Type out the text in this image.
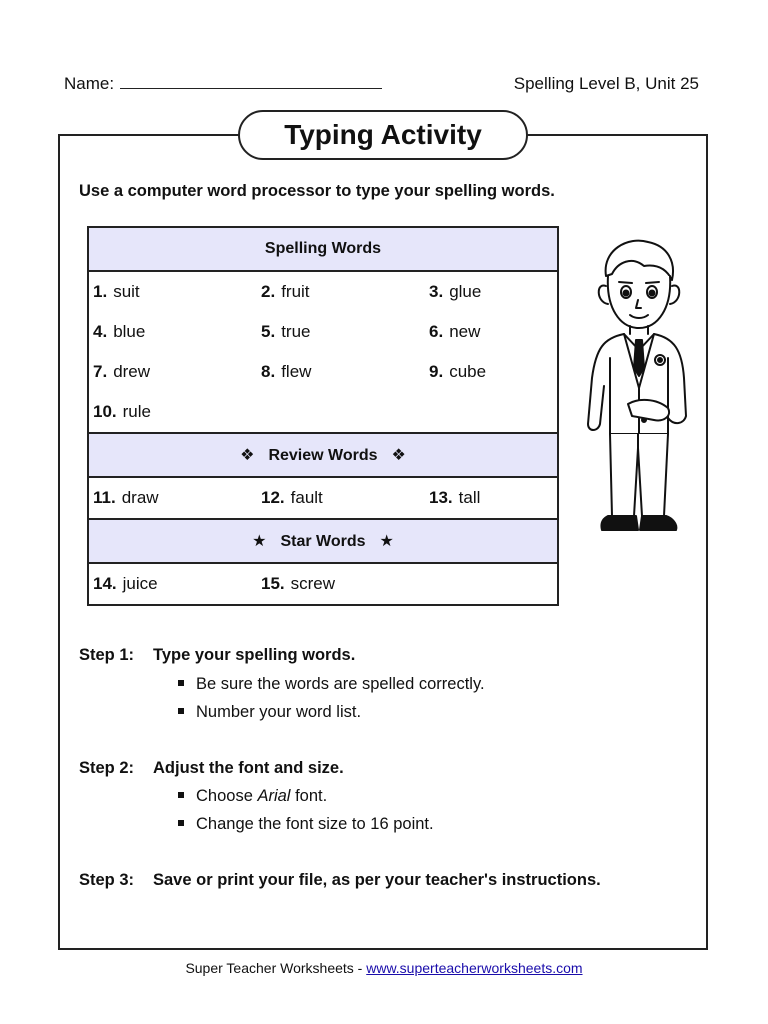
Name:	Spelling Level B, Unit 25
Typing Activity
Use a computer word processor to type your spelling words.
Spelling Words		
1. suit	2. fruit	3. glue
4. blue	5. true	6. new
7. drew	8. flew	9. cube
10. rule		
❖ Review Words ❖		
11. draw	12. fault	13. tall
★ Star Words ★		
14. juice	15. screw	
Step 1: Type your spelling words.
Be sure the words are spelled correctly.
Number your word list.
Step 2: Adjust the font and size.
Choose Arial font.
Change the font size to 16 point.
Step 3: Save or print your file, as per your teacher's instructions.
Super Teacher Worksheets - www.superteacherworksheets.com
